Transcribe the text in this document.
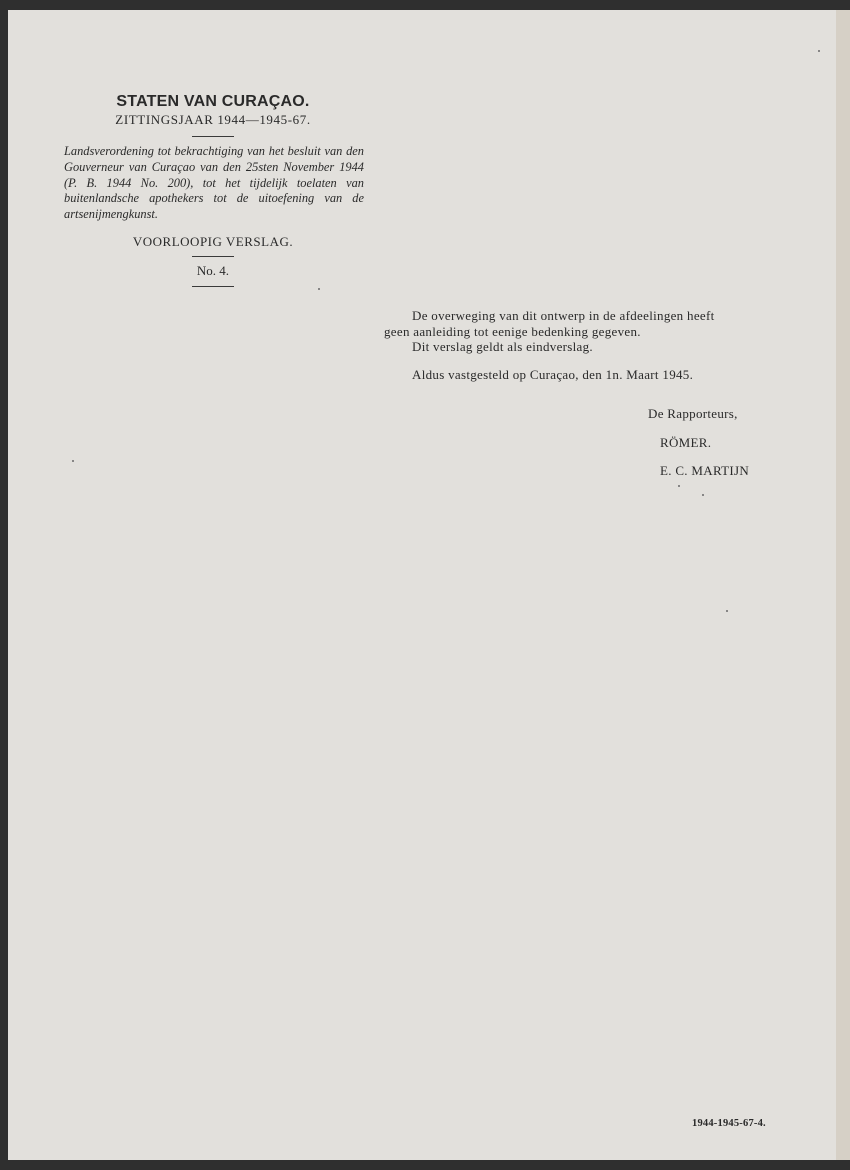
STATEN VAN CURAÇAO.

ZITTINGSJAAR 1944—1945-67.

Landsverordening tot bekrachtiging van het besluit van den Gouverneur van Curaçao van den 25sten November 1944 (P. B. 1944 No. 200), tot het tijdelijk toelaten van buitenlandsche apothekers tot de uitoefening van de artsenijmengkunst.

VOORLOOPIG VERSLAG.

No. 4.

De overweging van dit ontwerp in de afdeelingen heeft

geen aanleiding tot eenige bedenking gegeven.

Dit verslag geldt als eindverslag.

Aldus vastgesteld op Curaçao, den 1n. Maart 1945.

De Rapporteurs,
RÖMER.
E. C. MARTIJN
1944-1945-67-4.
